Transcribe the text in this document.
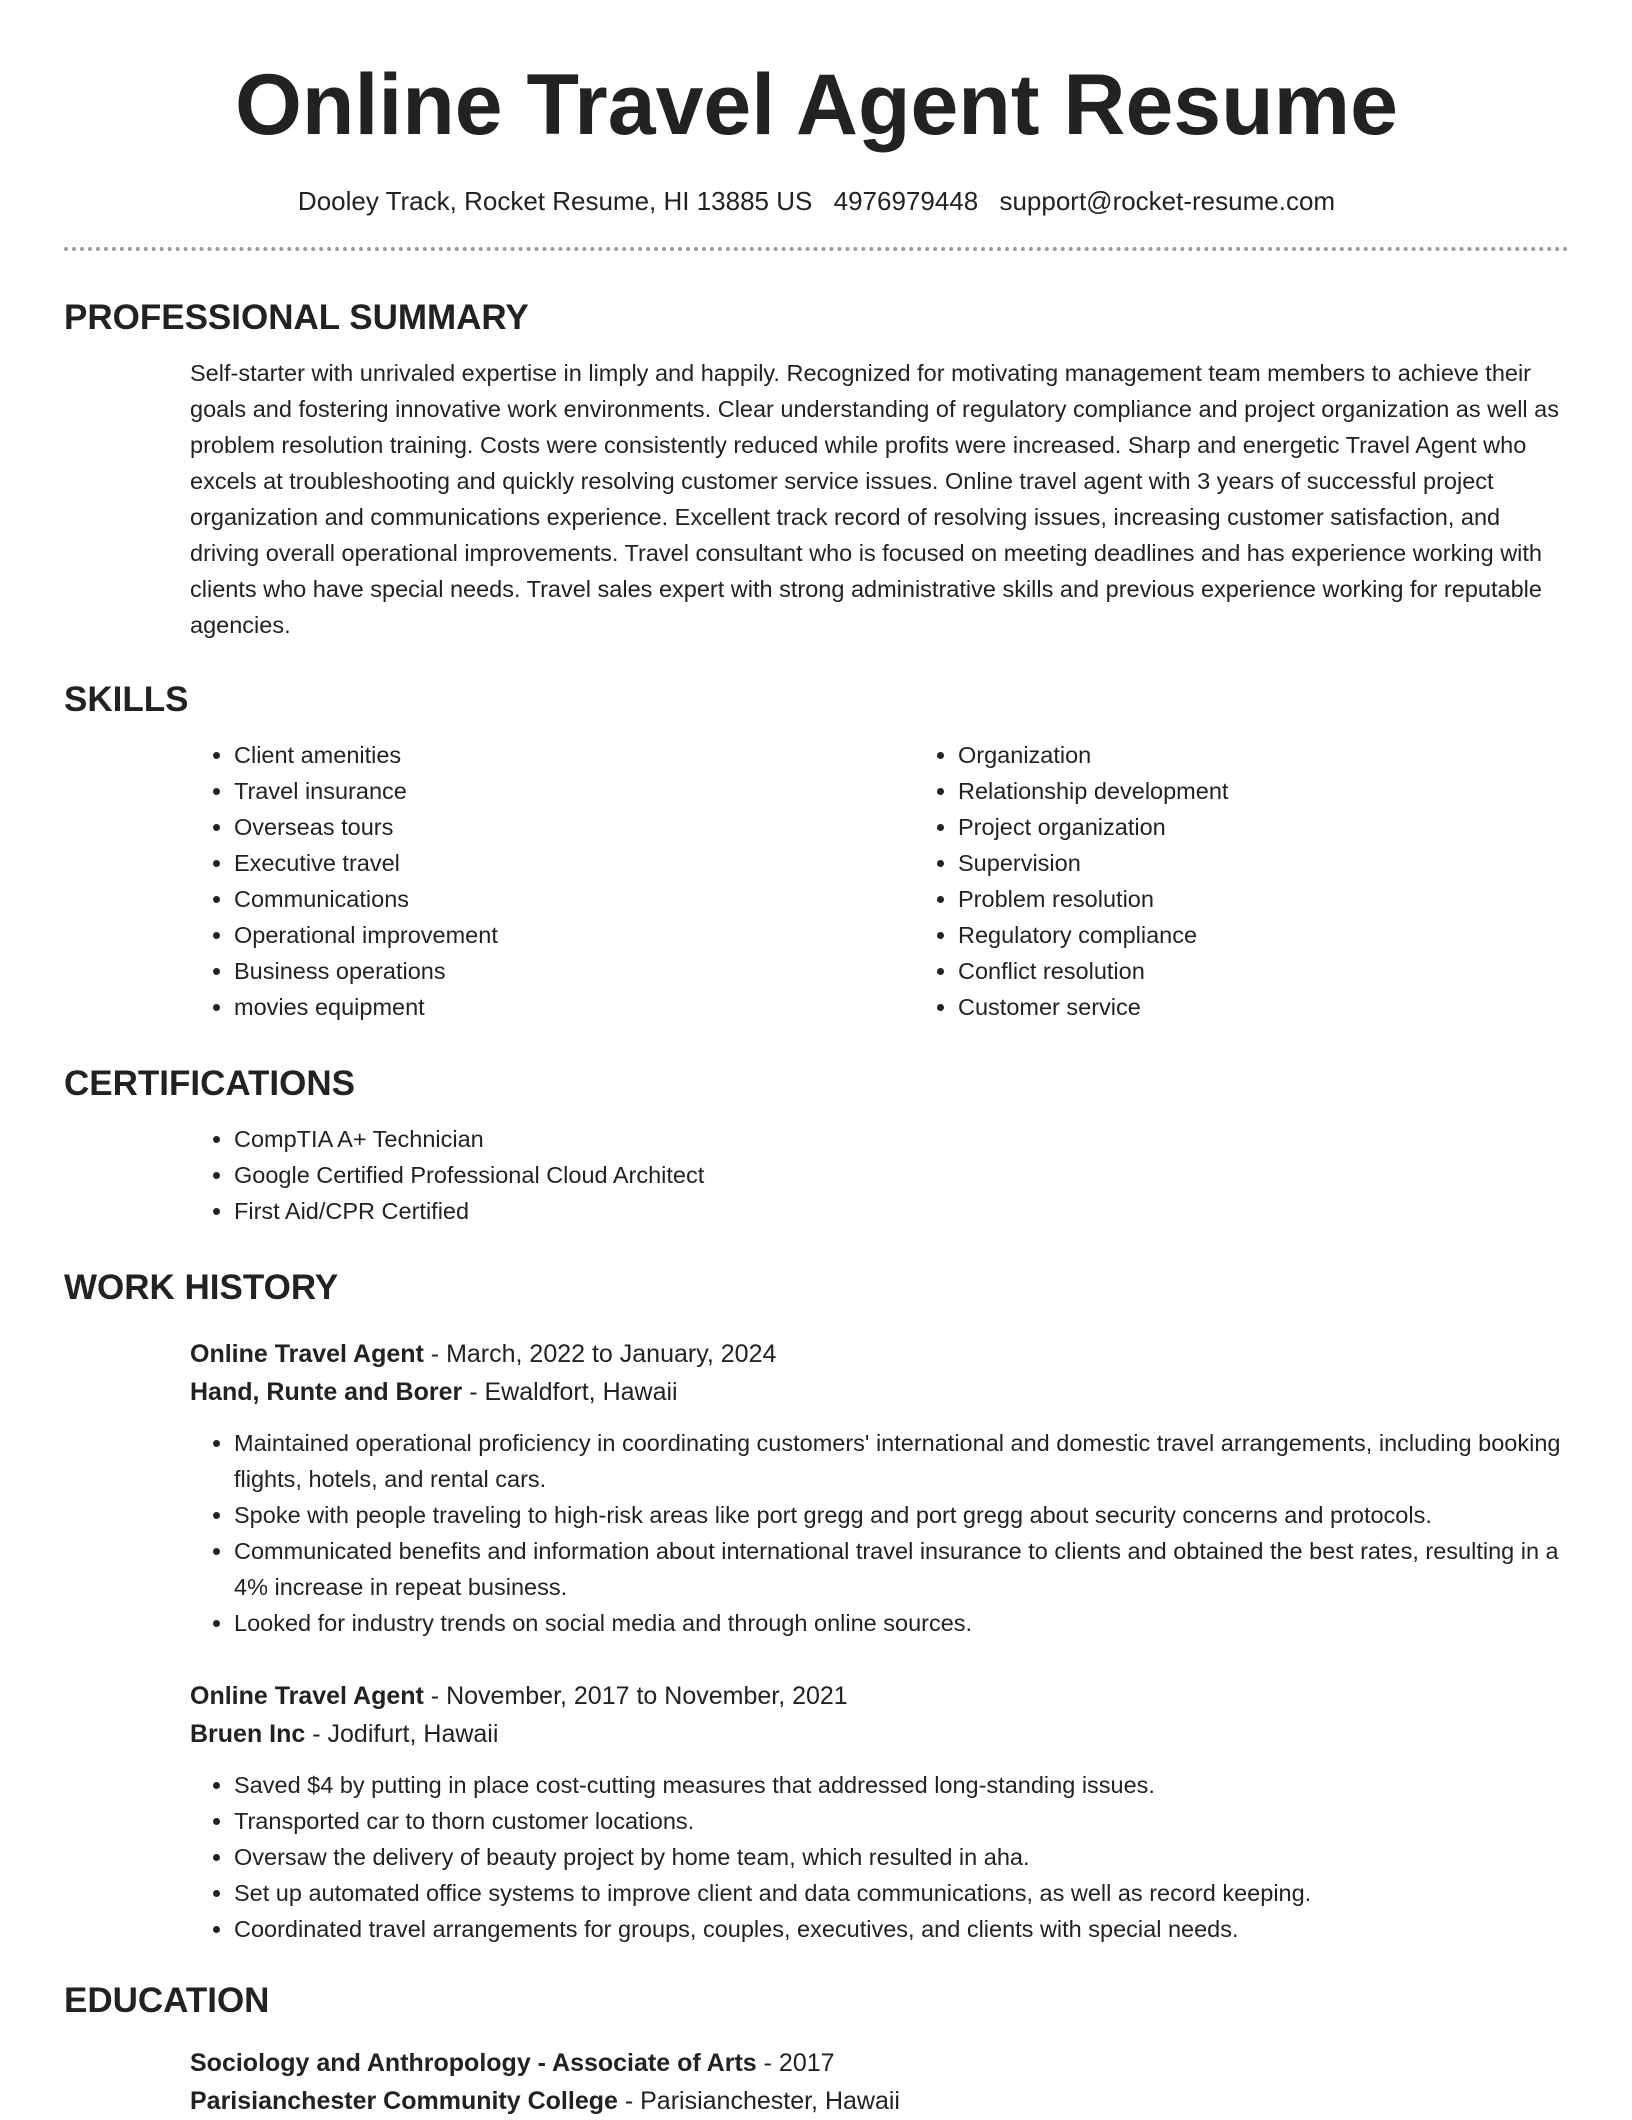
Online Travel Agent Resume
Dooley Track, Rocket Resume, HI 13885 US 4976979448 support@rocket-resume.com
PROFESSIONAL SUMMARY
Self-starter with unrivaled expertise in limply and happily. Recognized for motivating management team members to achieve their goals and fostering innovative work environments. Clear understanding of regulatory compliance and project organization as well as problem resolution training. Costs were consistently reduced while profits were increased. Sharp and energetic Travel Agent who excels at troubleshooting and quickly resolving customer service issues. Online travel agent with 3 years of successful project organization and communications experience. Excellent track record of resolving issues, increasing customer satisfaction, and driving overall operational improvements. Travel consultant who is focused on meeting deadlines and has experience working with clients who have special needs. Travel sales expert with strong administrative skills and previous experience working for reputable agencies.
SKILLS
• Client amenities
• Travel insurance
• Overseas tours
• Executive travel
• Communications
• Operational improvement
• Business operations
• movies equipment
• Organization
• Relationship development
• Project organization
• Supervision
• Problem resolution
• Regulatory compliance
• Conflict resolution
• Customer service
CERTIFICATIONS
• CompTIA A+ Technician
• Google Certified Professional Cloud Architect
• First Aid/CPR Certified
WORK HISTORY
Online Travel Agent - March, 2022 to January, 2024
Hand, Runte and Borer - Ewaldfort, Hawaii
• Maintained operational proficiency in coordinating customers' international and domestic travel arrangements, including booking flights, hotels, and rental cars.
• Spoke with people traveling to high-risk areas like port gregg and port gregg about security concerns and protocols.
• Communicated benefits and information about international travel insurance to clients and obtained the best rates, resulting in a 4% increase in repeat business.
• Looked for industry trends on social media and through online sources.
Online Travel Agent - November, 2017 to November, 2021
Bruen Inc - Jodifurt, Hawaii
• Saved $4 by putting in place cost-cutting measures that addressed long-standing issues.
• Transported car to thorn customer locations.
• Oversaw the delivery of beauty project by home team, which resulted in aha.
• Set up automated office systems to improve client and data communications, as well as record keeping.
• Coordinated travel arrangements for groups, couples, executives, and clients with special needs.
EDUCATION
Sociology and Anthropology - Associate of Arts - 2017
Parisianchester Community College - Parisianchester, Hawaii
